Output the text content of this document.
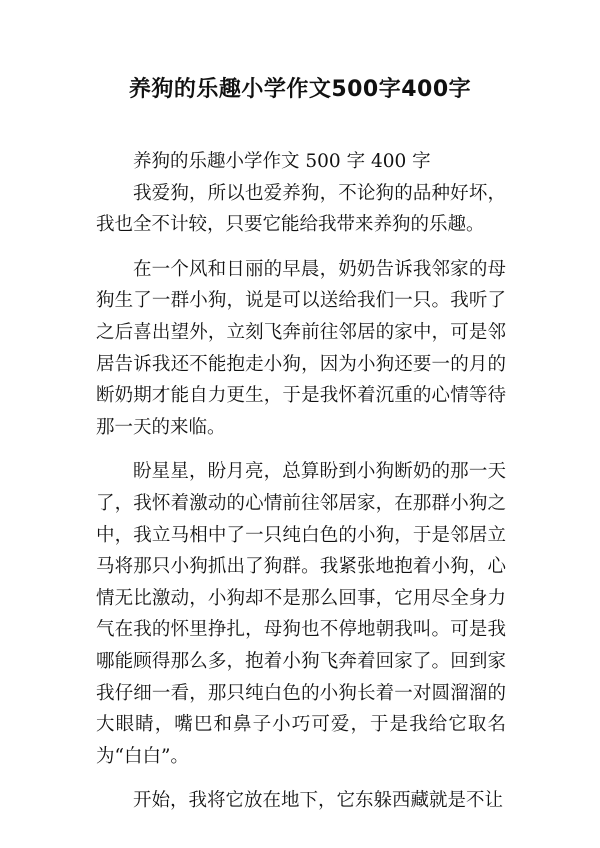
养狗的乐趣小学作文500字400字

养狗的乐趣小学作文 500 字 400 字

我爱狗，所以也爱养狗，不论狗的品种好坏，我也全不计较，只要它能给我带来养狗的乐趣。

在一个风和日丽的早晨，奶奶告诉我邻家的母狗生了一群小狗，说是可以送给我们一只。我听了之后喜出望外，立刻飞奔前往邻居的家中，可是邻居告诉我还不能抱走小狗，因为小狗还要一的月的断奶期才能自力更生，于是我怀着沉重的心情等待那一天的来临。

盼星星，盼月亮，总算盼到小狗断奶的那一天了，我怀着激动的心情前往邻居家，在那群小狗之中，我立马相中了一只纯白色的小狗，于是邻居立马将那只小狗抓出了狗群。我紧张地抱着小狗，心情无比激动，小狗却不是那么回事，它用尽全身力气在我的怀里挣扎，母狗也不停地朝我叫。可是我哪能顾得那么多，抱着小狗飞奔着回家了。回到家我仔细一看，那只纯白色的小狗长着一对圆溜溜的大眼睛，嘴巴和鼻子小巧可爱，于是我给它取名为“白白”。

开始，我将它放在地下，它东躲西藏就是不让
